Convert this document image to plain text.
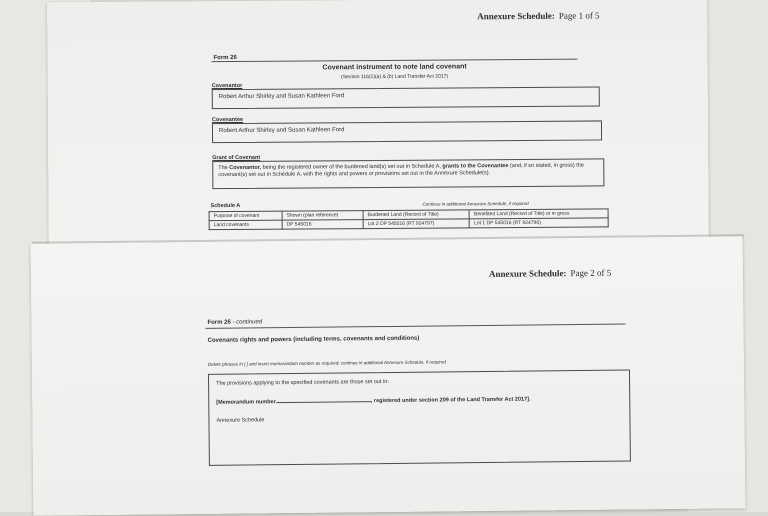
Annexure Schedule: Page 1 of 5
Form 26
Covenant instrument to note land covenant
(Section 116(1)(a) & (b) Land Transfer Act 2017)
Covenantor
Robert Arthur Shirley and Susan Kathleen Ford
Covenantee
Robert Arthur Shirley and Susan Kathleen Ford
Grant of Covenant
The Covenantor, being the registered owner of the burdened land(s) set out in Schedule A, grants to the Covenantee (and, if so stated, in gross) the covenant(s) set out in Schedule A, with the rights and powers or provisions set out in the Annexure Schedule(s).
Schedule A	Continue in additional Annexure Schedule, if required
Purpose of covenant	Shown (plan reference)	Burdened Land (Record of Title)	Benefited Land (Record of Title) or in gross
Land covenants	DP 545016	Lot 2 DP 545016 (RT 924797)	Lot 1 DP 545016 (RT 924796)
Annexure Schedule: Page 2 of 5
Form 26 - continued
Covenants rights and powers (including terms, covenants and conditions)
Delete phrases in [ ] and insert memorandum number as required; continue in additional Annexure Schedule, if required

The provisions applying to the specified covenants are those set out in:

[Memorandum number	, registered under section 209 of the Land Transfer Act 2017].

Annexure Schedule
